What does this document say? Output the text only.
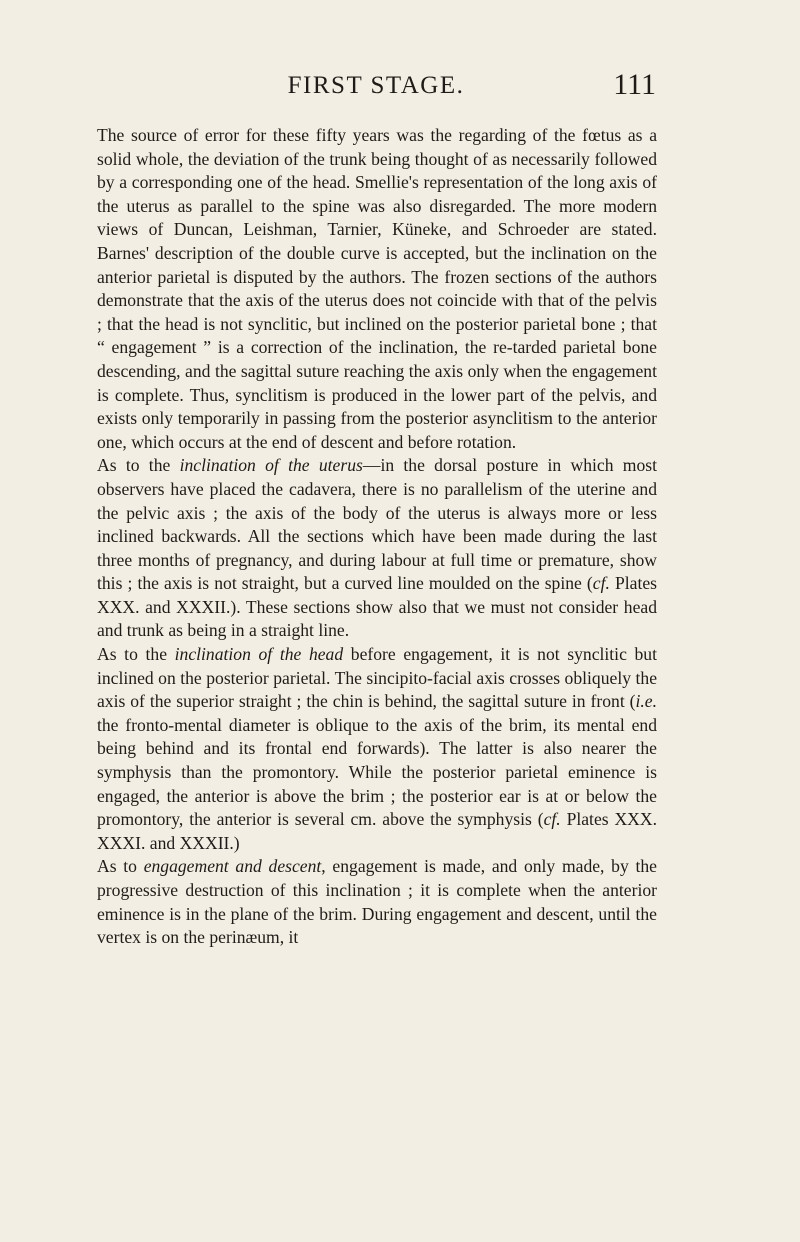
FIRST STAGE.	111

The source of error for these fifty years was the regarding of the fœtus as a solid whole, the deviation of the trunk being thought of as necessarily followed by a corresponding one of the head. Smellie's representation of the long axis of the uterus as parallel to the spine was also disregarded. The more modern views of Duncan, Leishman, Tarnier, Küneke, and Schroeder are stated. Barnes' description of the double curve is accepted, but the inclination on the anterior parietal is disputed by the authors. The frozen sections of the authors demonstrate that the axis of the uterus does not coincide with that of the pelvis ; that the head is not synclitic, but inclined on the posterior parietal bone ; that “ engagement ” is a correction of the inclination, the re-tarded parietal bone descending, and the sagittal suture reaching the axis only when the engagement is complete. Thus, synclitism is produced in the lower part of the pelvis, and exists only temporarily in passing from the posterior asynclitism to the anterior one, which occurs at the end of descent and before rotation.

As to the inclination of the uterus—in the dorsal posture in which most observers have placed the cadavera, there is no parallelism of the uterine and the pelvic axis ; the axis of the body of the uterus is always more or less inclined backwards. All the sections which have been made during the last three months of pregnancy, and during labour at full time or premature, show this ; the axis is not straight, but a curved line moulded on the spine (cf. Plates XXX. and XXXII.). These sections show also that we must not consider head and trunk as being in a straight line.

As to the inclination of the head before engagement, it is not synclitic but inclined on the posterior parietal. The sincipito-facial axis crosses obliquely the axis of the superior straight ; the chin is behind, the sagittal suture in front (i.e. the fronto-mental diameter is oblique to the axis of the brim, its mental end being behind and its frontal end forwards). The latter is also nearer the symphysis than the promontory. While the posterior parietal eminence is engaged, the anterior is above the brim ; the posterior ear is at or below the promontory, the anterior is several cm. above the symphysis (cf. Plates XXX. XXXI. and XXXII.)

As to engagement and descent, engagement is made, and only made, by the progressive destruction of this inclination ; it is complete when the anterior eminence is in the plane of the brim. During engagement and descent, until the vertex is on the perinæum, it
